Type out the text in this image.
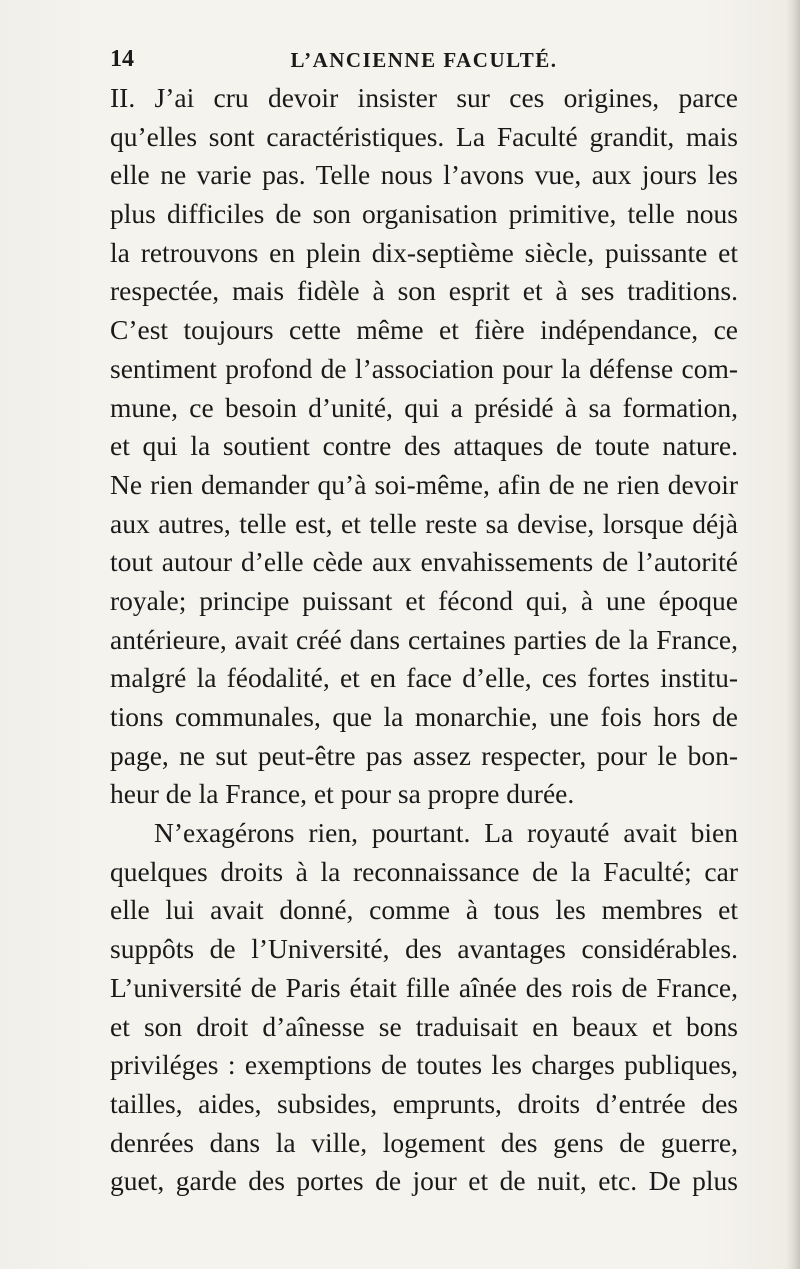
14	L’ANCIENNE FACULTÉ.
II. J’ai cru devoir insister sur ces origines, parce
qu’elles sont caractéristiques. La Faculté grandit, mais
elle ne varie pas. Telle nous l’avons vue, aux jours les
plus difficiles de son organisation primitive, telle nous
la retrouvons en plein dix-septième siècle, puissante et
respectée, mais fidèle à son esprit et à ses traditions.
C’est toujours cette même et fière indépendance, ce
sentiment profond de l’association pour la défense com-
mune, ce besoin d’unité, qui a présidé à sa formation,
et qui la soutient contre des attaques de toute nature.
Ne rien demander qu’à soi-même, afin de ne rien devoir
aux autres, telle est, et telle reste sa devise, lorsque déjà
tout autour d’elle cède aux envahissements de l’autorité
royale; principe puissant et fécond qui, à une époque
antérieure, avait créé dans certaines parties de la France,
malgré la féodalité, et en face d’elle, ces fortes institu-
tions communales, que la monarchie, une fois hors de
page, ne sut peut-être pas assez respecter, pour le bon-
heur de la France, et pour sa propre durée.
N’exagérons rien, pourtant. La royauté avait bien
quelques droits à la reconnaissance de la Faculté; car
elle lui avait donné, comme à tous les membres et
suppôts de l’Université, des avantages considérables.
L’université de Paris était fille aînée des rois de France,
et son droit d’aînesse se traduisait en beaux et bons
priviléges : exemptions de toutes les charges publiques,
tailles, aides, subsides, emprunts, droits d’entrée des
denrées dans la ville, logement des gens de guerre,
guet, garde des portes de jour et de nuit, etc. De plus
